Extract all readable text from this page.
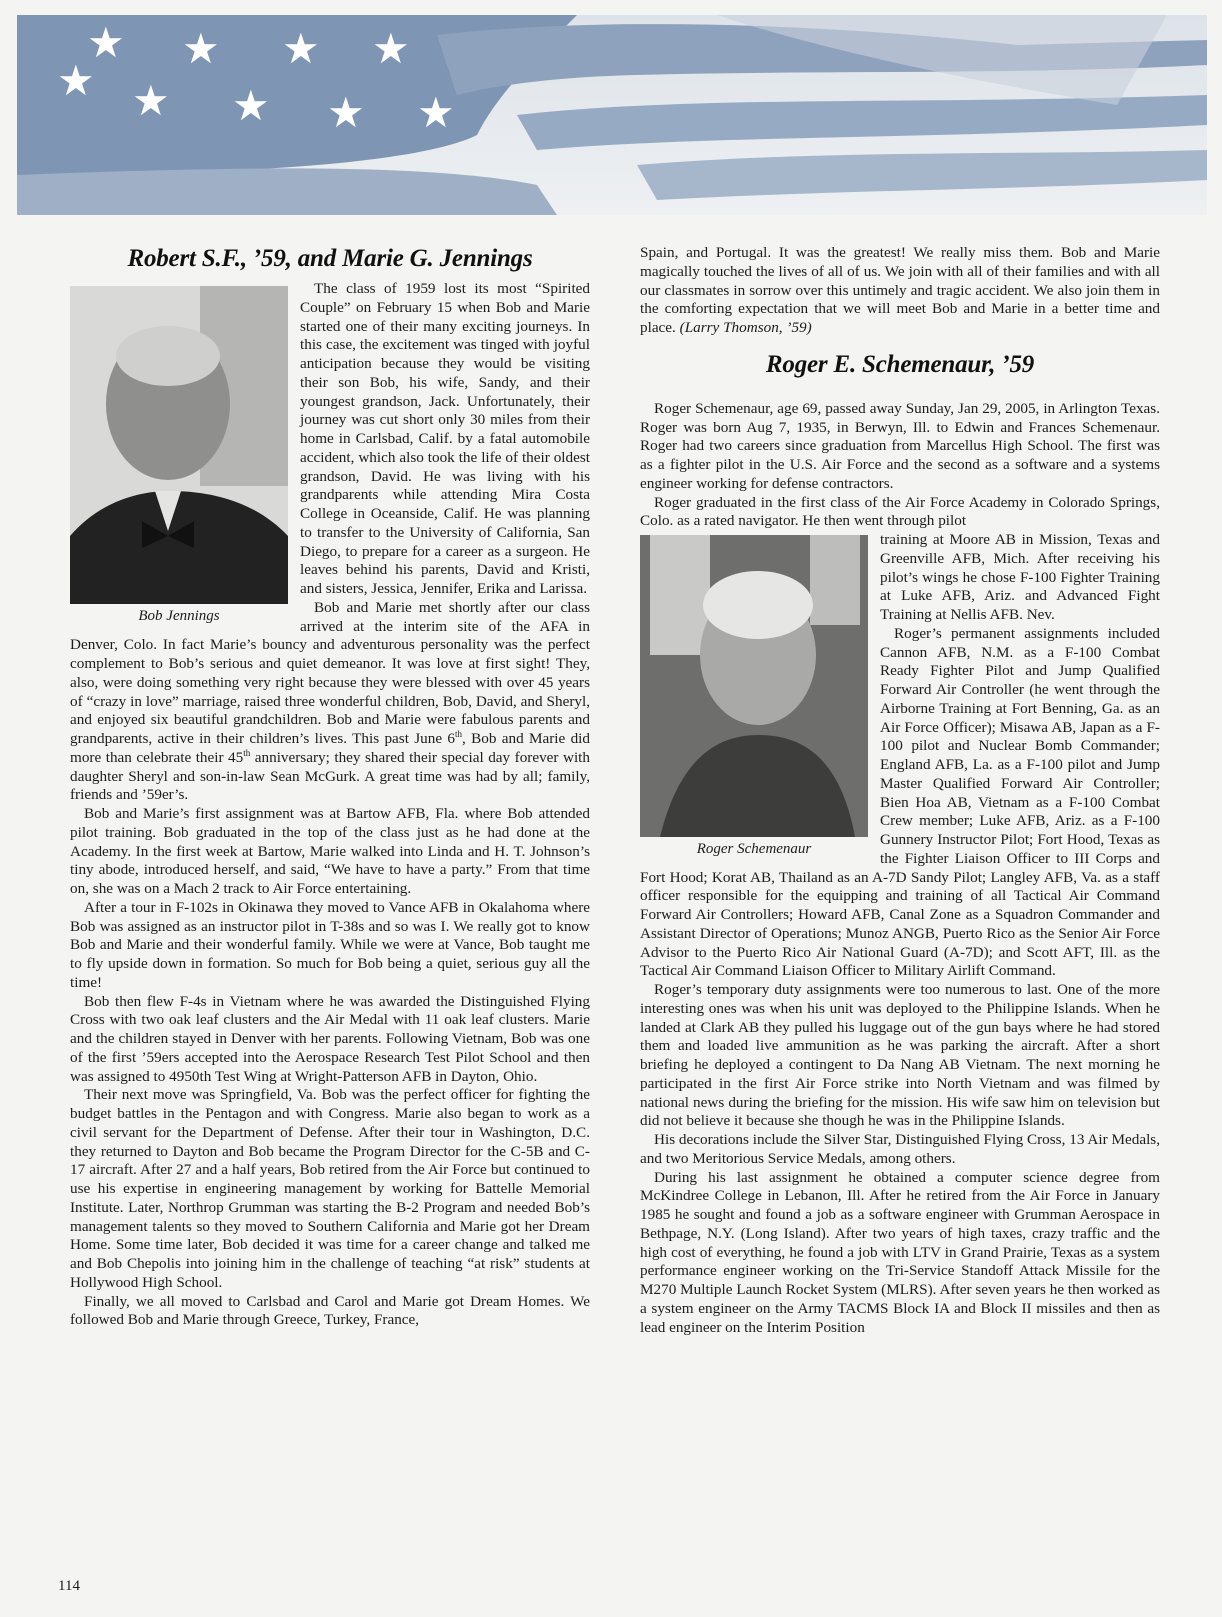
★ ★ ★ ★
★ ★ ★ ★ ★
Robert S.F., ’59, and Marie G. Jennings
Bob Jennings

The class of 1959 lost its most “Spirited Couple” on February 15 when Bob and Marie started one of their many exciting journeys. In this case, the excitement was tinged with joyful anticipation because they would be visiting their son Bob, his wife, Sandy, and their youngest grandson, Jack. Unfortunately, their journey was cut short only 30 miles from their home in Carlsbad, Calif. by a fatal automobile accident, which also took the life of their oldest grandson, David. He was living with his grandparents while attending Mira Costa College in Oceanside, Calif. He was planning to transfer to the University of California, San Diego, to prepare for a career as a surgeon. He leaves behind his parents, David and Kristi, and sisters, Jessica, Jennifer, Erika and Larissa.

Bob and Marie met shortly after our class arrived at the interim site of the AFA in Denver, Colo. In fact Marie’s bouncy and adventurous personality was the perfect complement to Bob’s serious and quiet demeanor. It was love at first sight! They, also, were doing something very right because they were blessed with over 45 years of “crazy in love” marriage, raised three wonderful children, Bob, David, and Sheryl, and enjoyed six beautiful grandchildren. Bob and Marie were fabulous parents and grandparents, active in their children’s lives. This past June 6th, Bob and Marie did more than celebrate their 45th anniversary; they shared their special day forever with daughter Sheryl and son-in-law Sean McGurk. A great time was had by all; family, friends and ’59er’s.

Bob and Marie’s first assignment was at Bartow AFB, Fla. where Bob attended pilot training. Bob graduated in the top of the class just as he had done at the Academy. In the first week at Bartow, Marie walked into Linda and H. T. Johnson’s tiny abode, introduced herself, and said, “We have to have a party.” From that time on, she was on a Mach 2 track to Air Force entertaining.

After a tour in F-102s in Okinawa they moved to Vance AFB in Okalahoma where Bob was assigned as an instructor pilot in T-38s and so was I. We really got to know Bob and Marie and their wonderful family. While we were at Vance, Bob taught me to fly upside down in formation. So much for Bob being a quiet, serious guy all the time!

Bob then flew F-4s in Vietnam where he was awarded the Distinguished Flying Cross with two oak leaf clusters and the Air Medal with 11 oak leaf clusters. Marie and the children stayed in Denver with her parents. Following Vietnam, Bob was one of the first ’59ers accepted into the Aerospace Research Test Pilot School and then was assigned to 4950th Test Wing at Wright-Patterson AFB in Dayton, Ohio.

Their next move was Springfield, Va. Bob was the perfect officer for fighting the budget battles in the Pentagon and with Congress. Marie also began to work as a civil servant for the Department of Defense. After their tour in Washington, D.C. they returned to Dayton and Bob became the Program Director for the C-5B and C-17 aircraft. After 27 and a half years, Bob retired from the Air Force but continued to use his expertise in engineering management by working for Battelle Memorial Institute. Later, Northrop Grumman was starting the B-2 Program and needed Bob’s management talents so they moved to Southern California and Marie got her Dream Home. Some time later, Bob decided it was time for a career change and talked me and Bob Chepolis into joining him in the challenge of teaching “at risk” students at Hollywood High School.

Finally, we all moved to Carlsbad and Carol and Marie got Dream Homes. We followed Bob and Marie through Greece, Turkey, France,

Spain, and Portugal. It was the greatest! We really miss them. Bob and Marie magically touched the lives of all of us. We join with all of their families and with all our classmates in sorrow over this untimely and tragic accident. We also join them in the comforting expectation that we will meet Bob and Marie in a better time and place. (Larry Thomson, ’59)

Roger E. Schemenaur, ’59

Roger Schemenaur, age 69, passed away Sunday, Jan 29, 2005, in Arlington Texas. Roger was born Aug 7, 1935, in Berwyn, Ill. to Edwin and Frances Schemenaur. Roger had two careers since graduation from Marcellus High School. The first was as a fighter pilot in the U.S. Air Force and the second as a software and a systems engineer working for defense contractors.

Roger graduated in the first class of the Air Force Academy in Colorado Springs, Colo. as a rated navigator. He then went through pilot

Roger Schemenaur

training at Moore AB in Mission, Texas and Greenville AFB, Mich. After receiving his pilot’s wings he chose F-100 Fighter Training at Luke AFB, Ariz. and Advanced Fight Training at Nellis AFB. Nev.

Roger’s permanent assignments included Cannon AFB, N.M. as a F-100 Combat Ready Fighter Pilot and Jump Qualified Forward Air Controller (he went through the Airborne Training at Fort Benning, Ga. as an Air Force Officer); Misawa AB, Japan as a F-100 pilot and Nuclear Bomb Commander; England AFB, La. as a F-100 pilot and Jump Master Qualified Forward Air Controller; Bien Hoa AB, Vietnam as a F-100 Combat Crew member; Luke AFB, Ariz. as a F-100 Gunnery Instructor Pilot; Fort Hood, Texas as the Fighter Liaison Officer to III Corps and Fort Hood; Korat AB, Thailand as an A-7D Sandy Pilot; Langley AFB, Va. as a staff officer responsible for the equipping and training of all Tactical Air Command Forward Air Controllers; Howard AFB, Canal Zone as a Squadron Commander and Assistant Director of Operations; Munoz ANGB, Puerto Rico as the Senior Air Force Advisor to the Puerto Rico Air National Guard (A-7D); and Scott AFT, Ill. as the Tactical Air Command Liaison Officer to Military Airlift Command.

Roger’s temporary duty assignments were too numerous to last. One of the more interesting ones was when his unit was deployed to the Philippine Islands. When he landed at Clark AB they pulled his luggage out of the gun bays where he had stored them and loaded live ammunition as he was parking the aircraft. After a short briefing he deployed a contingent to Da Nang AB Vietnam. The next morning he participated in the first Air Force strike into North Vietnam and was filmed by national news during the briefing for the mission. His wife saw him on television but did not believe it because she though he was in the Philippine Islands.

His decorations include the Silver Star, Distinguished Flying Cross, 13 Air Medals, and two Meritorious Service Medals, among others.

During his last assignment he obtained a computer science degree from McKindree College in Lebanon, Ill. After he retired from the Air Force in January 1985 he sought and found a job as a software engineer with Grumman Aerospace in Bethpage, N.Y. (Long Island). After two years of high taxes, crazy traffic and the high cost of everything, he found a job with LTV in Grand Prairie, Texas as a system performance engineer working on the Tri-Service Standoff Attack Missile for the M270 Multiple Launch Rocket System (MLRS). After seven years he then worked as a system engineer on the Army TACMS Block IA and Block II missiles and then as lead engineer on the Interim Position

114
